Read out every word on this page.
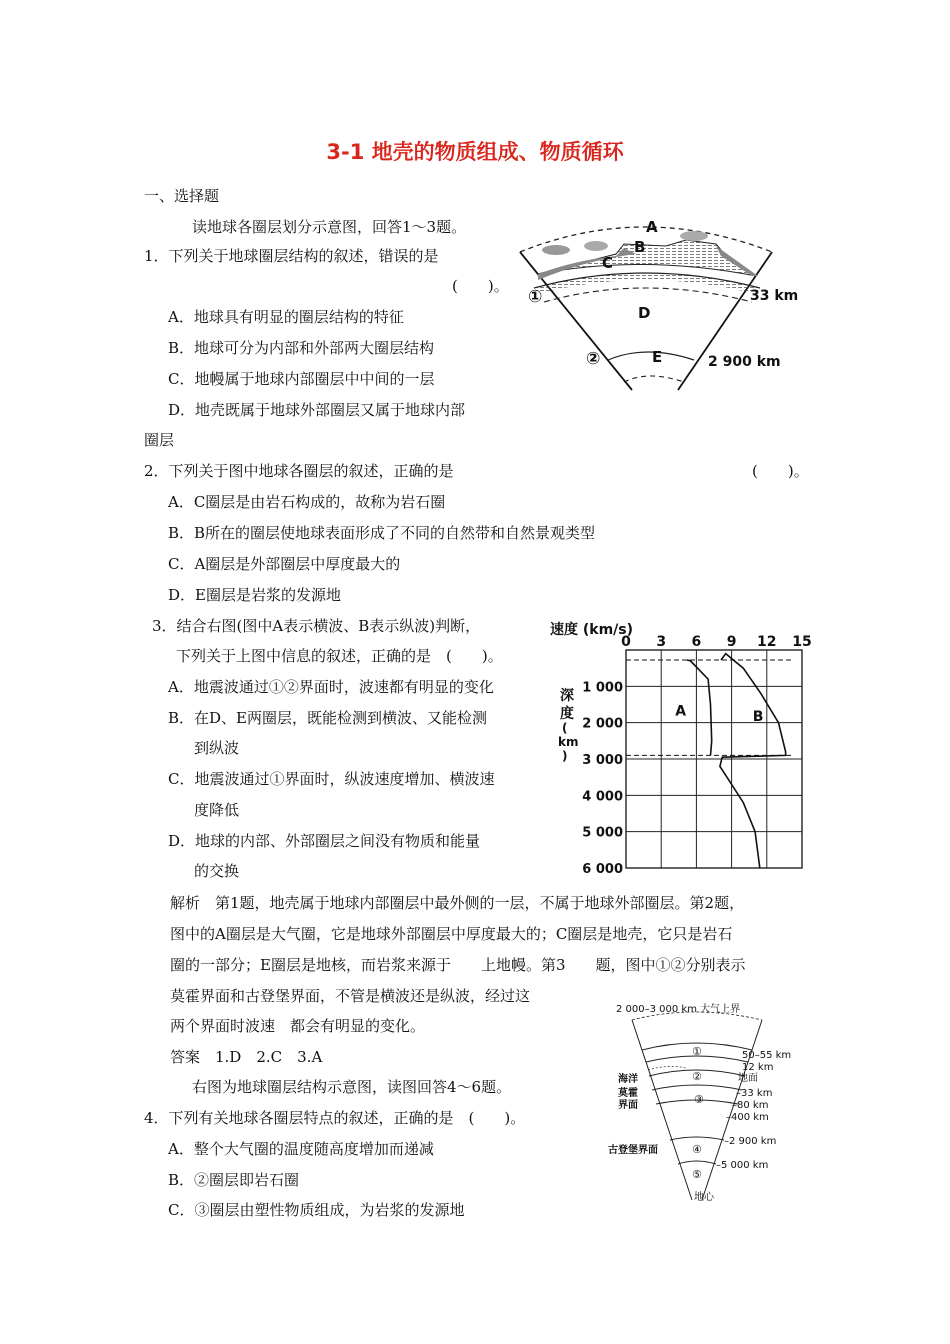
3-1 地壳的物质组成、物质循环
一、选择题
读地球各圈层划分示意图，回答1～3题。
1．下列关于地球圈层结构的叙述，错误的是
(　　)。
A．地球具有明显的圈层结构的特征
B．地球可分为内部和外部两大圈层结构
C．地幔属于地球内部圈层中中间的一层
D．地壳既属于地球外部圈层又属于地球内部
圈层
2．下列关于图中地球各圈层的叙述，正确的是	(　　)。
A．C圈层是由岩石构成的，故称为岩石圈
B．B所在的圈层使地球表面形成了不同的自然带和自然景观类型
C．A圈层是外部圈层中厚度最大的
D．E圈层是岩浆的发源地
3．结合右图(图中A表示横波、B表示纵波)判断，
下列关于上图中信息的叙述，正确的是　(　　)。
A．地震波通过①②界面时，波速都有明显的变化
B．在D、E两圈层，既能检测到横波、又能检测
到纵波
C．地震波通过①界面时，纵波速度增加、横波速
度降低
D．地球的内部、外部圈层之间没有物质和能量
的交换
解析　第1题，地壳属于地球内部圈层中最外侧的一层，不属于地球外部圈层。第2题，
图中的A圈层是大气圈，它是地球外部圈层中厚度最大的；C圈层是地壳，它只是岩石
圈的一部分；E圈层是地核，而岩浆来源于　　上地幔。第3　　题，图中①②分别表示
莫霍界面和古登堡界面，不管是横波还是纵波，经过这
两个界面时波速　都会有明显的变化。
答案　1.D　2.C　3.A
右图为地球圈层结构示意图，读图回答4～6题。
4．下列有关地球各圈层特点的叙述，正确的是　(　　)。
A．整个大气圈的温度随高度增加而递减
B．②圈层即岩石圈
C．③圈层由塑性物质组成，为岩浆的发源地
A
B
C
D
E
①
②
33 km
2 900 km
速度 (km/s)
0 3 6 9 12 15
1 000
2 000
3 000
4 000
5 000
6 000
A	B
深
度
(
km
)
2 000–3 000 km 大气上界
①
②
③
④
⑤
海洋
莫霍
界面
古登堡界面
50–55 km
12 km
地面
–33 km
–80 km
–400 km
–2 900 km
–5 000 km
地心
